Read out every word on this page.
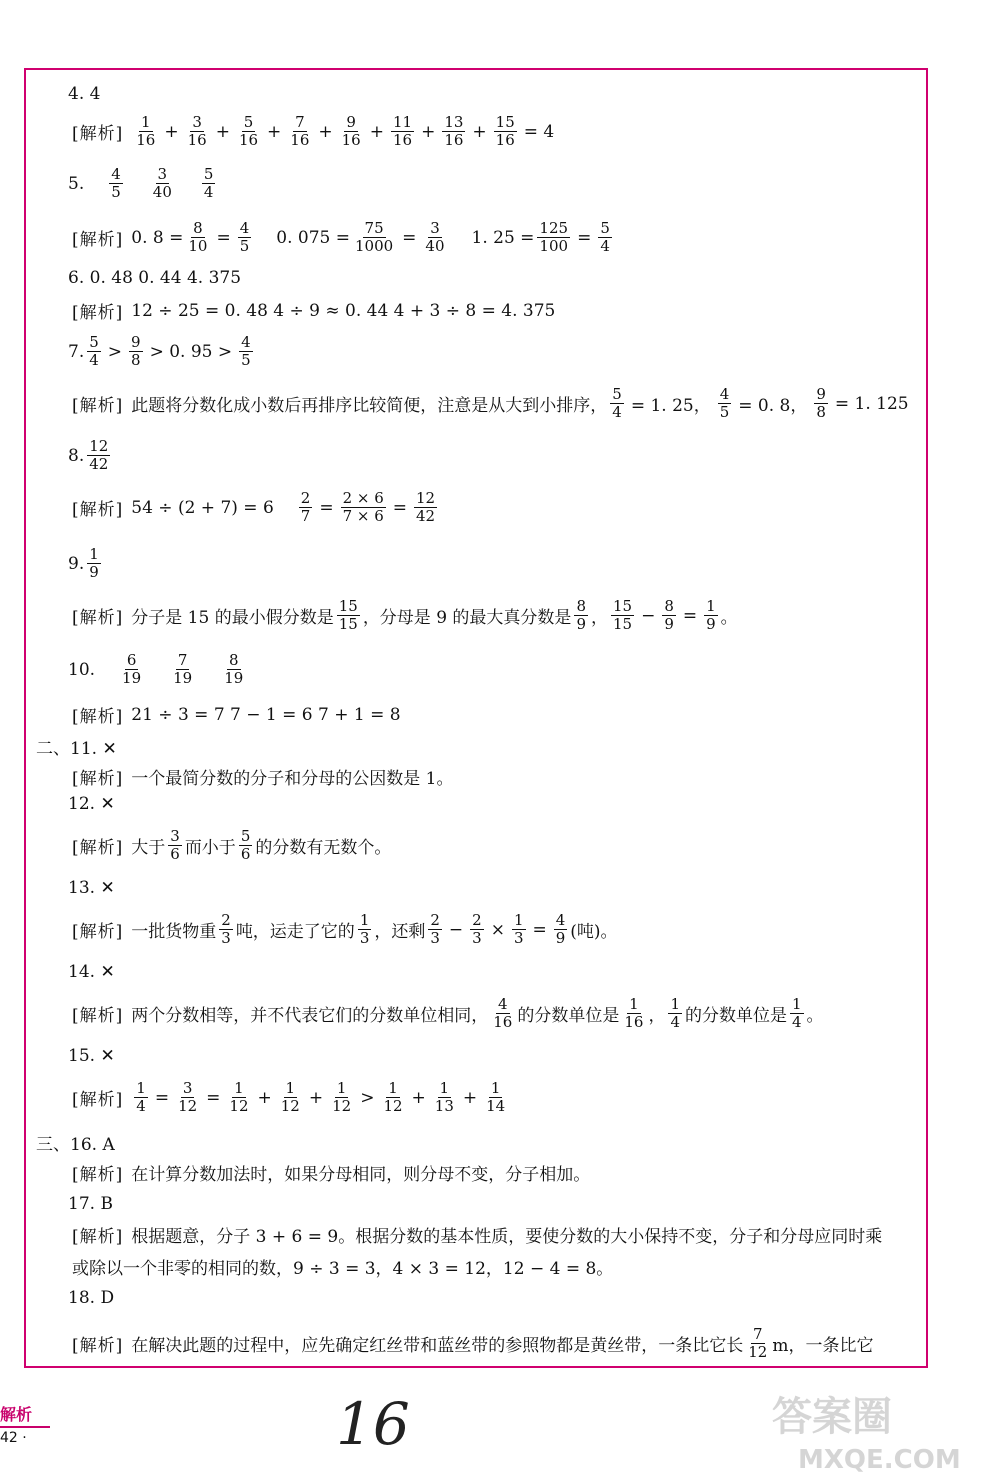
4. 4
[解析] $\frac{1}{16} + \frac{3}{16} + \frac{5}{16} + \frac{7}{16} + \frac{9}{16} + \frac{11}{16} + \frac{13}{16} + \frac{15}{16} = 4$
5. $\frac{4}{5} \frac{3}{40} \frac{5}{4}$
[解析] 0. $8 = \frac{8}{10} = \frac{4}{5} 0$. $075 = \frac{75}{1000} = \frac{3}{40} 1$. $25 = \frac{125}{100} = \frac{5}{4}$
6. 0. 48 0. 44 4. 375
[解析] 12 ÷ 25 = 0. 48 4 ÷ 9 ≈ 0. 44 4 + 3 ÷ 8 = 4. 375
7. $\frac{5}{4} > \frac{9}{8} > 0$. $95 > \frac{4}{5}$
[解析] 此题将分数化成小数后再排序比较简便，注意是从大到小排序， $\frac{5}{4} = 1$. 25， $\frac{4}{5} = 0$. 8， $\frac{9}{8} = 1$. 125
8. $\frac{12}{42}$
[解析] $54 \div (2 + 7) = 6 \frac{2}{7} = \frac{2 \times 6}{7 \times 6} = \frac{12}{42}$
9. $\frac{1}{9}$
[解析] 分子是 15 的最小假分数是 $\frac{15}{15}$ ，分母是 9 的最大真分数是 $\frac{8}{9}$ ， $\frac{15}{15} - \frac{8}{9} = \frac{1}{9}$ 。
10. $\frac{6}{19} \frac{7}{19} \frac{8}{19}$
[解析] 21 ÷ 3 = 7 7 − 1 = 6 7 + 1 = 8
二、11. ✕
[解析] 一个最简分数的分子和分母的公因数是 1。
12. ✕
[解析] 大于 $\frac{3}{6}$ 而小于 $\frac{5}{6}$ 的分数有无数个。
13. ✕
[解析] 一批货物重 $\frac{2}{3}$ 吨，运走了它的 $\frac{1}{3}$ ，还剩 $\frac{2}{3} - \frac{2}{3} \times \frac{1}{3} = \frac{4}{9}$ (吨)。
14. ✕
[解析] 两个分数相等，并不代表它们的分数单位相同， $\frac{4}{16}$ 的分数单位是 $\frac{1}{16}$ ， $\frac{1}{4}$ 的分数单位是 $\frac{1}{4}$ 。
15. ✕
[解析] $\frac{1}{4} = \frac{3}{12} = \frac{1}{12} + \frac{1}{12} + \frac{1}{12} > \frac{1}{12} + \frac{1}{13} + \frac{1}{14}$
三、16. A
[解析] 在计算分数加法时，如果分母相同，则分母不变，分子相加。
17. B
[解析] 根据题意，分子 3 + 6 = 9。根据分数的基本性质，要使分数的大小保持不变，分子和分母应同时乘
或除以一个非零的相同的数，9 ÷ 3 = 3，4 × 3 = 12，12 − 4 = 8。
18. D
[解析] 在解决此题的过程中，应先确定红丝带和蓝丝带的参照物都是黄丝带，一条比它长 $\frac{7}{12}$ m，一条比它
解析
42 ·	16	答案圈
MXQE.COM
